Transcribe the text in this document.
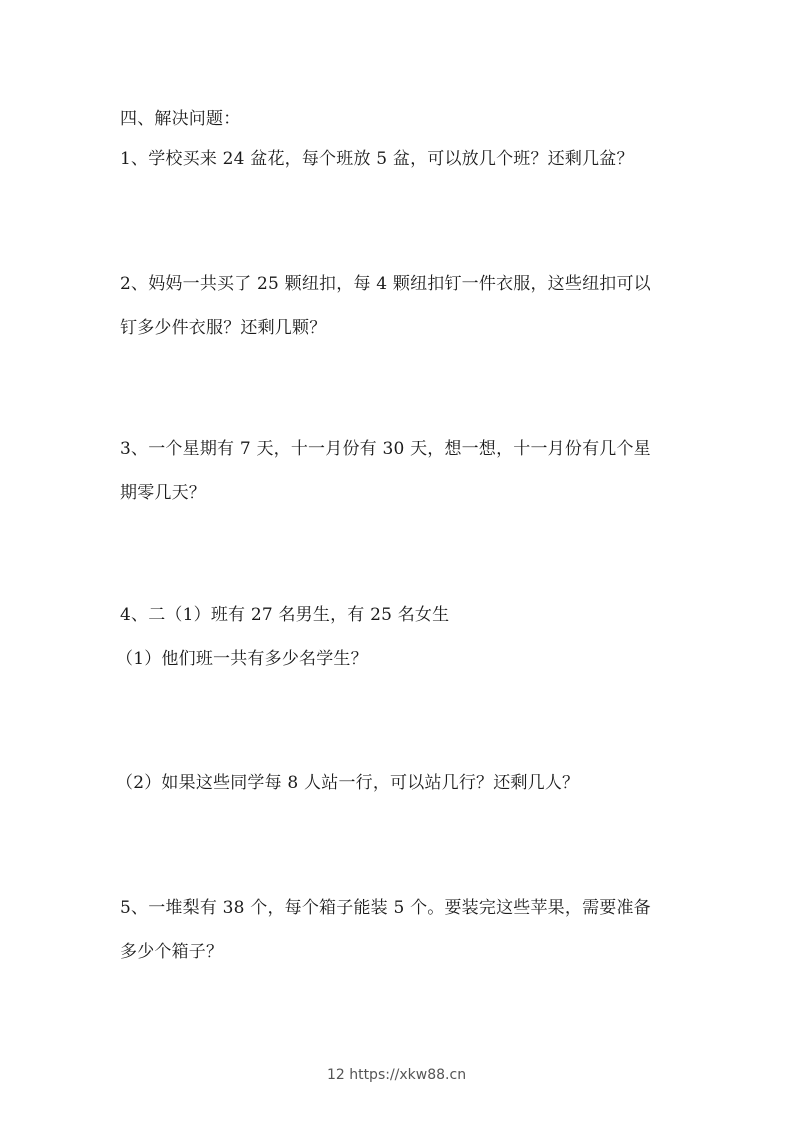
四、解决问题：
1、学校买来 24 盆花，每个班放 5 盆，可以放几个班？还剩几盆？
2、妈妈一共买了 25 颗纽扣，每 4 颗纽扣钉一件衣服，这些纽扣可以
钉多少件衣服？还剩几颗？
3、一个星期有 7 天，十一月份有 30 天，想一想，十一月份有几个星
期零几天？
4、二（1）班有 27 名男生，有 25 名女生
（1）他们班一共有多少名学生？
（2）如果这些同学每 8 人站一行，可以站几行？还剩几人？
5、一堆梨有 38 个，每个箱子能装 5 个。要装完这些苹果，需要准备
多少个箱子？
12 https://xkw88.cn
